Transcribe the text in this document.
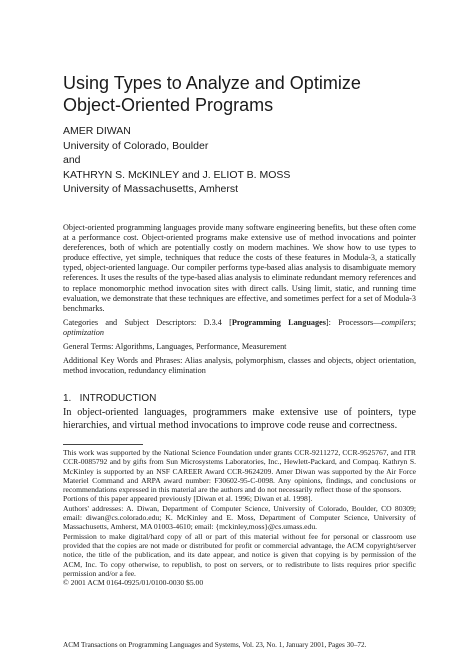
Using Types to Analyze and Optimize
Object-Oriented Programs
AMER DIWAN
University of Colorado, Boulder
and
KATHRYN S. McKINLEY and J. ELIOT B. MOSS
University of Massachusetts, Amherst

Object-oriented programming languages provide many software engineering benefits, but these often come at a performance cost. Object-oriented programs make extensive use of method invocations and pointer dereferences, both of which are potentially costly on modern machines. We show how to use types to produce effective, yet simple, techniques that reduce the costs of these features in Modula-3, a statically typed, object-oriented language. Our compiler performs type-based alias analysis to disambiguate memory references. It uses the results of the type-based alias analysis to eliminate redundant memory references and to replace monomorphic method invocation sites with direct calls. Using limit, static, and running time evaluation, we demonstrate that these techniques are effective, and sometimes perfect for a set of Modula-3 benchmarks.

Categories and Subject Descriptors: D.3.4 [Programming Languages]: Processors—compilers; optimization

General Terms: Algorithms, Languages, Performance, Measurement

Additional Key Words and Phrases: Alias analysis, polymorphism, classes and objects, object orientation, method invocation, redundancy elimination

1.   INTRODUCTION
In object-oriented languages, programmers make extensive use of pointers, type hierarchies, and virtual method invocations to improve code reuse and correctness.

This work was supported by the National Science Foundation under grants CCR-9211272, CCR-9525767, and ITR CCR-0085792 and by gifts from Sun Microsystems Laboratories, Inc., Hewlett-Packard, and Compaq. Kathryn S. McKinley is supported by an NSF CAREER Award CCR-9624209. Amer Diwan was supported by the Air Force Materiel Command and ARPA award number: F30602-95-C-0098. Any opinions, findings, and conclusions or recommendations expressed in this material are the authors and do not necessarily reflect those of the sponsors.

Portions of this paper appeared previously [Diwan et al. 1996; Diwan et al. 1998].

Authors' addresses: A. Diwan, Department of Computer Science, University of Colorado, Boulder, CO 80309; email: diwan@cs.colorado.edu; K. McKinley and E. Moss, Department of Computer Science, University of Massachusetts, Amherst, MA 01003-4610; email: {mckinley,moss}@cs.umass.edu.

Permission to make digital/hard copy of all or part of this material without fee for personal or classroom use provided that the copies are not made or distributed for profit or commercial advantage, the ACM copyright/server notice, the title of the publication, and its date appear, and notice is given that copying is by permission of the ACM, Inc. To copy otherwise, to republish, to post on servers, or to redistribute to lists requires prior specific permission and/or a fee.

© 2001 ACM 0164-0925/01/0100-0030 $5.00

ACM Transactions on Programming Languages and Systems, Vol. 23, No. 1, January 2001, Pages 30–72.
